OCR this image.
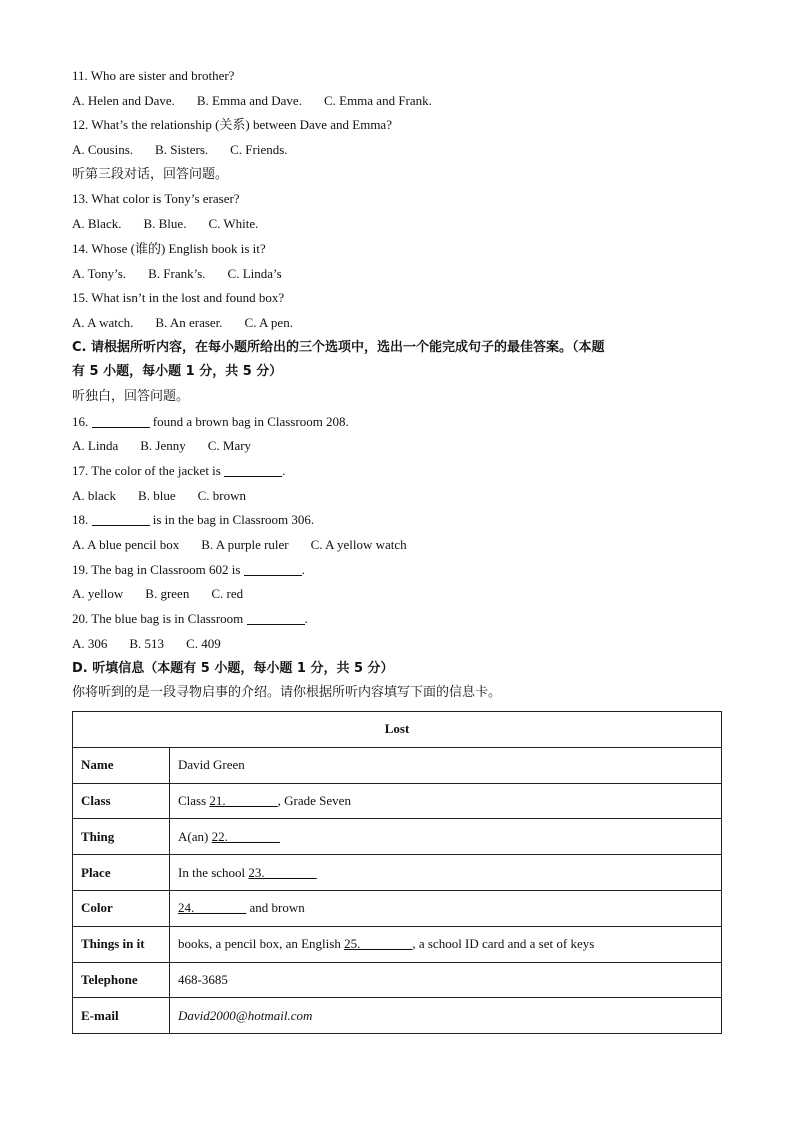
11. Who are sister and brother?
A. Helen and Dave. B. Emma and Dave. C. Emma and Frank.
12. What’s the relationship (关系) between Dave and Emma?
A. Cousins. B. Sisters. C. Friends.
听第三段对话，回答问题。
13. What color is Tony’s eraser?
A. Black. B. Blue. C. White.
14. Whose (谁的) English book is it?
A. Tony’s. B. Frank’s. C. Linda’s
15. What isn’t in the lost and found box?
A. A watch. B. An eraser. C. A pen.
C. 请根据所听内容，在每小题所给出的三个选项中，选出一个能完成句子的最佳答案。（本题
有 5 小题，每小题 1 分，共 5 分）
听独白，回答问题。
16.	found a brown bag in Classroom 208.
A. Linda B. Jenny C. Mary
17. The color of the jacket is	.
A. black B. blue C. brown
18.	is in the bag in Classroom 306.
A. A blue pencil box B. A purple ruler C. A yellow watch
19. The bag in Classroom 602 is	.
A. yellow B. green C. red
20. The blue bag is in Classroom	.
A. 306 B. 513 C. 409
D. 听填信息（本题有 5 小题，每小题 1 分，共 5 分）
你将听到的是一段寻物启事的介绍。请你根据所听内容填写下面的信息卡。
Lost	
Name	David Green
Class	Class 21.________, Grade Seven
Thing	A(an) 22.________
Place	In the school 23.________
Color	24.________ and brown
Things in it	books, a pencil box, an English 25.________, a school ID card and a set of keys
Telephone	468-3685
E-mail	David2000@hotmail.com
